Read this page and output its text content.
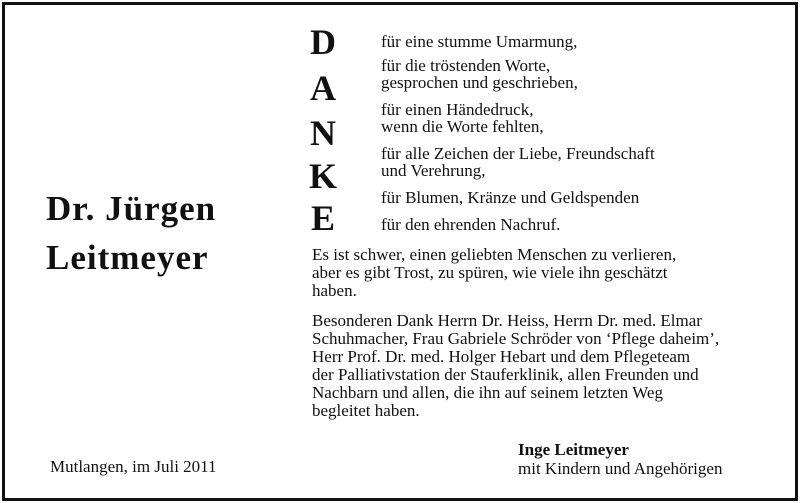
Dr. Jürgen
Leitmeyer
D
A
N
K
E
für eine stumme Umarmung,
für die tröstenden Worte,
gesprochen und geschrieben,
für einen Händedruck,
wenn die Worte fehlten,
für alle Zeichen der Liebe, Freundschaft
und Verehrung,
für Blumen, Kränze und Geldspenden
für den ehrenden Nachruf.
Es ist schwer, einen geliebten Menschen zu verlieren,
aber es gibt Trost, zu spüren, wie viele ihn geschätzt
haben.
Besonderen Dank Herrn Dr. Heiss, Herrn Dr. med. Elmar
Schuhmacher, Frau Gabriele Schröder von ‘Pflege daheim’,
Herr Prof. Dr. med. Holger Hebart und dem Pflegeteam
der Palliativstation der Stauferklinik, allen Freunden und
Nachbarn und allen, die ihn auf seinem letzten Weg
begleitet haben.
Mutlangen, im Juli 2011
Inge Leitmeyer
mit Kindern und Angehörigen
